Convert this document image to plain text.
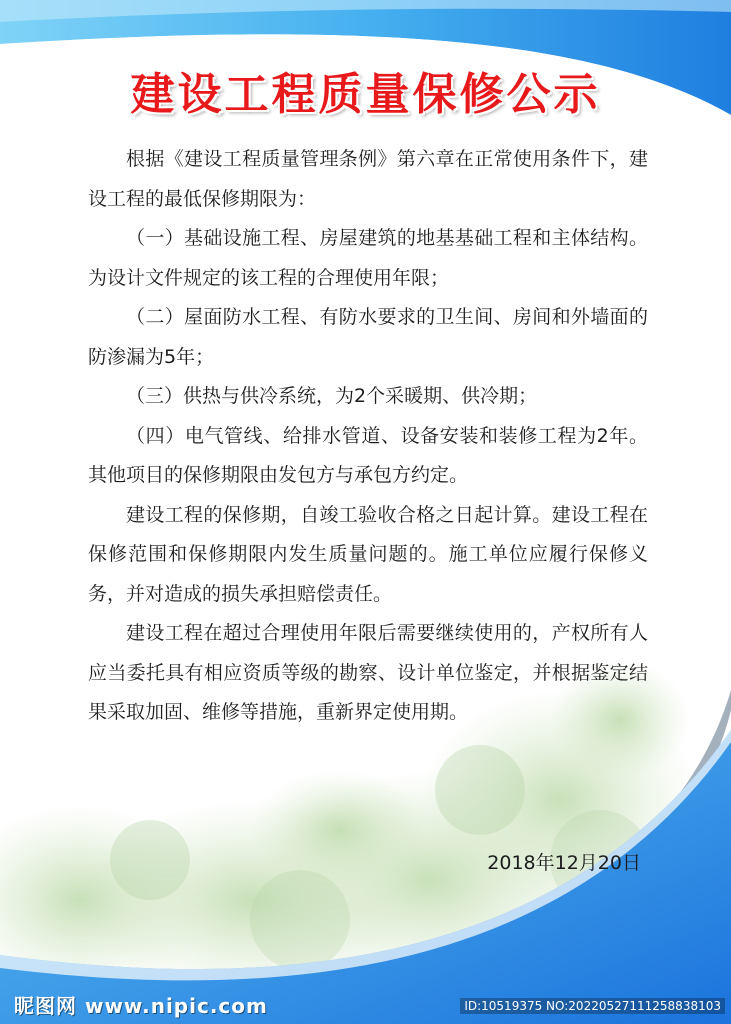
建设工程质量保修公示

根据《建设工程质量管理条例》第六章在正常使用条件下，建设工程的最低保修期限为：

（一）基础设施工程、房屋建筑的地基基础工程和主体结构。为设计文件规定的该工程的合理使用年限；

（二）屋面防水工程、有防水要求的卫生间、房间和外墙面的防渗漏为5年；

（三）供热与供冷系统，为2个采暖期、供冷期；

（四）电气管线、给排水管道、设备安装和装修工程为2年。其他项目的保修期限由发包方与承包方约定。

建设工程的保修期，自竣工验收合格之日起计算。建设工程在保修范围和保修期限内发生质量问题的。施工单位应履行保修义务，并对造成的损失承担赔偿责任。

建设工程在超过合理使用年限后需要继续使用的，产权所有人应当委托具有相应资质等级的勘察、设计单位鉴定，并根据鉴定结果采取加固、维修等措施，重新界定使用期。

2018年12月20日
昵图网 www.nipic.com	ID:10519375 NO:20220527111258838103
